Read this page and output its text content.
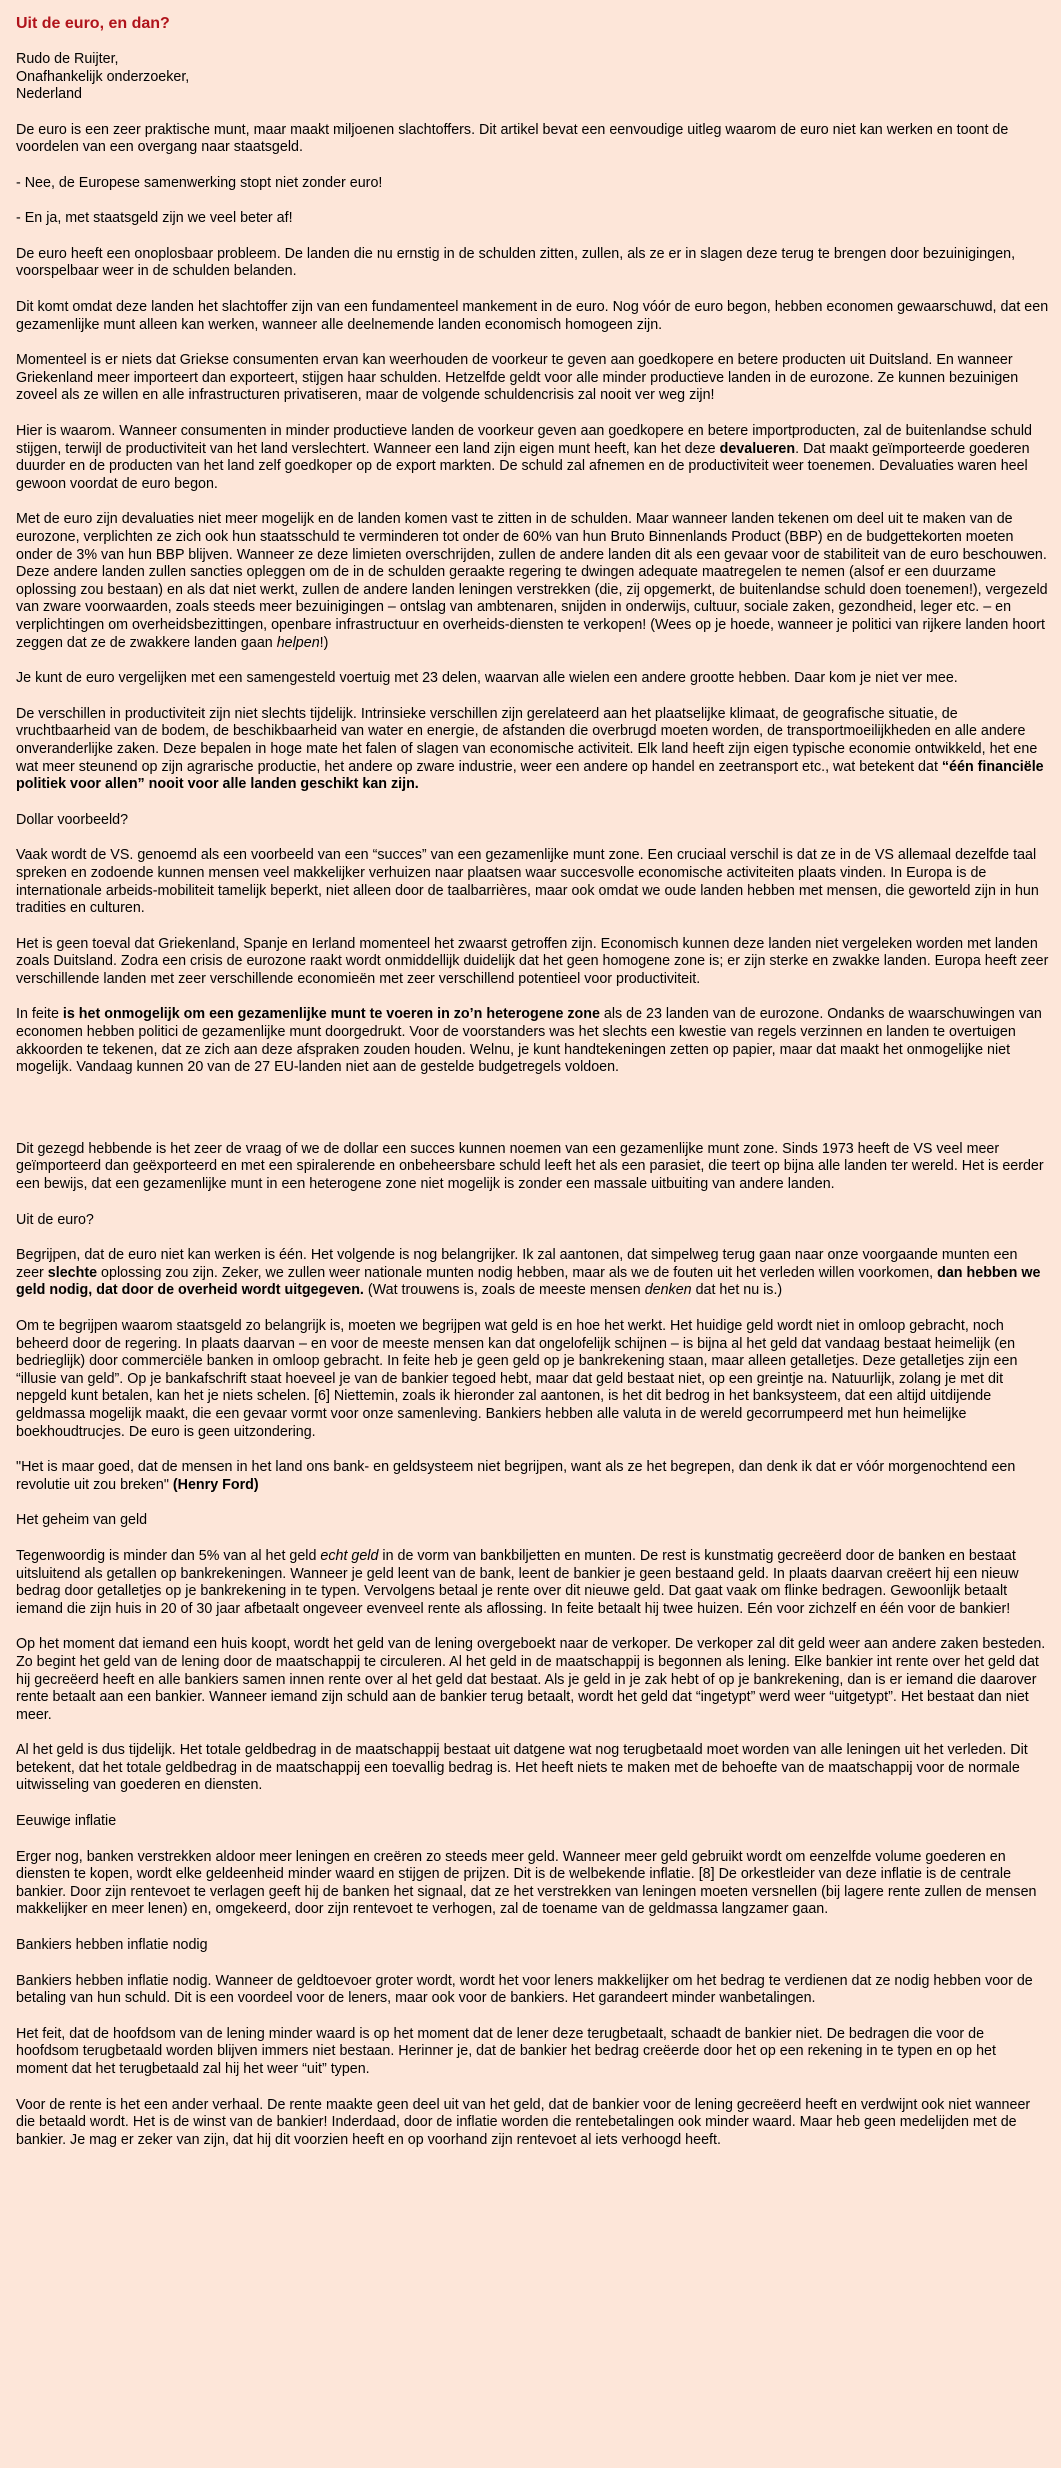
Uit de euro, en dan?
Rudo de Ruijter,
Onafhankelijk onderzoeker,
Nederland

De euro is een zeer praktische munt, maar maakt miljoenen slachtoffers. Dit artikel bevat een eenvoudige uitleg waarom de euro niet kan werken en toont de voordelen van een overgang naar staatsgeld.

- Nee, de Europese samenwerking stopt niet zonder euro!

- En ja, met staatsgeld zijn we veel beter af!

De euro heeft een onoplosbaar probleem. De landen die nu ernstig in de schulden zitten, zullen, als ze er in slagen deze terug te brengen door bezuinigingen, voorspelbaar weer in de schulden belanden.

Dit komt omdat deze landen het slachtoffer zijn van een fundamenteel mankement in de euro. Nog vóór de euro begon, hebben economen gewaarschuwd, dat een gezamenlijke munt alleen kan werken, wanneer alle deelnemende landen economisch homogeen zijn.

Momenteel is er niets dat Griekse consumenten ervan kan weerhouden de voorkeur te geven aan goedkopere en betere producten uit Duitsland. En wanneer Griekenland meer importeert dan exporteert, stijgen haar schulden. Hetzelfde geldt voor alle minder productieve landen in de eurozone. Ze kunnen bezuinigen zoveel als ze willen en alle infrastructuren privatiseren, maar de volgende schuldencrisis zal nooit ver weg zijn!

Hier is waarom. Wanneer consumenten in minder productieve landen de voorkeur geven aan goedkopere en betere importproducten, zal de buitenlandse schuld stijgen, terwijl de productiviteit van het land verslechtert. Wanneer een land zijn eigen munt heeft, kan het deze devalueren. Dat maakt geïmporteerde goederen duurder en de producten van het land zelf goedkoper op de export markten. De schuld zal afnemen en de productiviteit weer toenemen. Devaluaties waren heel gewoon voordat de euro begon.

Met de euro zijn devaluaties niet meer mogelijk en de landen komen vast te zitten in de schulden. Maar wanneer landen tekenen om deel uit te maken van de eurozone, verplichten ze zich ook hun staatsschuld te verminderen tot onder de 60% van hun Bruto Binnenlands Product (BBP) en de budgettekorten moeten onder de 3% van hun BBP blijven. Wanneer ze deze limieten overschrijden, zullen de andere landen dit als een gevaar voor de stabiliteit van de euro beschouwen. Deze andere landen zullen sancties opleggen om de in de schulden geraakte regering te dwingen adequate maatregelen te nemen (alsof er een duurzame oplossing zou bestaan) en als dat niet werkt, zullen de andere landen leningen verstrekken (die, zij opgemerkt, de buitenlandse schuld doen toenemen!), vergezeld van zware voorwaarden, zoals steeds meer bezuinigingen – ontslag van ambtenaren, snijden in onderwijs, cultuur, sociale zaken, gezondheid, leger etc. – en verplichtingen om overheidsbezittingen, openbare infrastructuur en overheids-diensten te verkopen! (Wees op je hoede, wanneer je politici van rijkere landen hoort zeggen dat ze de zwakkere landen gaan helpen!)

Je kunt de euro vergelijken met een samengesteld voertuig met 23 delen, waarvan alle wielen een andere grootte hebben. Daar kom je niet ver mee.

De verschillen in productiviteit zijn niet slechts tijdelijk. Intrinsieke verschillen zijn gerelateerd aan het plaatselijke klimaat, de geografische situatie, de vruchtbaarheid van de bodem, de beschikbaarheid van water en energie, de afstanden die overbrugd moeten worden, de transportmoeilijkheden en alle andere onveranderlijke zaken. Deze bepalen in hoge mate het falen of slagen van economische activiteit. Elk land heeft zijn eigen typische economie ontwikkeld, het ene wat meer steunend op zijn agrarische productie, het andere op zware industrie, weer een andere op handel en zeetransport etc., wat betekent dat “één financiële politiek voor allen” nooit voor alle landen geschikt kan zijn.

Dollar voorbeeld?

Vaak wordt de VS. genoemd als een voorbeeld van een “succes” van een gezamenlijke munt zone. Een cruciaal verschil is dat ze in de VS allemaal dezelfde taal spreken en zodoende kunnen mensen veel makkelijker verhuizen naar plaatsen waar succesvolle economische activiteiten plaats vinden. In Europa is de internationale arbeids-mobiliteit tamelijk beperkt, niet alleen door de taalbarrières, maar ook omdat we oude landen hebben met mensen, die geworteld zijn in hun tradities en culturen.

Het is geen toeval dat Griekenland, Spanje en Ierland momenteel het zwaarst getroffen zijn. Economisch kunnen deze landen niet vergeleken worden met landen zoals Duitsland. Zodra een crisis de eurozone raakt wordt onmiddellijk duidelijk dat het geen homogene zone is; er zijn sterke en zwakke landen. Europa heeft zeer verschillende landen met zeer verschillende economieën met zeer verschillend potentieel voor productiviteit.

In feite is het onmogelijk om een gezamenlijke munt te voeren in zo’n heterogene zone als de 23 landen van de eurozone. Ondanks de waarschuwingen van economen hebben politici de gezamenlijke munt doorgedrukt. Voor de voorstanders was het slechts een kwestie van regels verzinnen en landen te overtuigen akkoorden te tekenen, dat ze zich aan deze afspraken zouden houden. Welnu, je kunt handtekeningen zetten op papier, maar dat maakt het onmogelijke niet mogelijk. Vandaag kunnen 20 van de 27 EU-landen niet aan de gestelde budgetregels voldoen.

Dit gezegd hebbende is het zeer de vraag of we de dollar een succes kunnen noemen van een gezamenlijke munt zone. Sinds 1973 heeft de VS veel meer geïmporteerd dan geëxporteerd en met een spiralerende en onbeheersbare schuld leeft het als een parasiet, die teert op bijna alle landen ter wereld. Het is eerder een bewijs, dat een gezamenlijke munt in een heterogene zone niet mogelijk is zonder een massale uitbuiting van andere landen.

Uit de euro?

Begrijpen, dat de euro niet kan werken is één. Het volgende is nog belangrijker. Ik zal aantonen, dat simpelweg terug gaan naar onze voorgaande munten een zeer slechte oplossing zou zijn. Zeker, we zullen weer nationale munten nodig hebben, maar als we de fouten uit het verleden willen voorkomen, dan hebben we geld nodig, dat door de overheid wordt uitgegeven. (Wat trouwens is, zoals de meeste mensen denken dat het nu is.)

Om te begrijpen waarom staatsgeld zo belangrijk is, moeten we begrijpen wat geld is en hoe het werkt. Het huidige geld wordt niet in omloop gebracht, noch beheerd door de regering. In plaats daarvan – en voor de meeste mensen kan dat ongelofelijk schijnen – is bijna al het geld dat vandaag bestaat heimelijk (en bedrieglijk) door commerciële banken in omloop gebracht. In feite heb je geen geld op je bankrekening staan, maar alleen getalletjes. Deze getalletjes zijn een “illusie van geld”. Op je bankafschrift staat hoeveel je van de bankier tegoed hebt, maar dat geld bestaat niet, op een greintje na. Natuurlijk, zolang je met dit nepgeld kunt betalen, kan het je niets schelen. [6] Niettemin, zoals ik hieronder zal aantonen, is het dit bedrog in het banksysteem, dat een altijd uitdijende geldmassa mogelijk maakt, die een gevaar vormt voor onze samenleving. Bankiers hebben alle valuta in de wereld gecorrumpeerd met hun heimelijke boekhoudtrucjes. De euro is geen uitzondering.

"Het is maar goed, dat de mensen in het land ons bank- en geldsysteem niet begrijpen, want als ze het begrepen, dan denk ik dat er vóór morgenochtend een revolutie uit zou breken" (Henry Ford)

Het geheim van geld

Tegenwoordig is minder dan 5% van al het geld echt geld in de vorm van bankbiljetten en munten. De rest is kunstmatig gecreëerd door de banken en bestaat uitsluitend als getallen op bankrekeningen. Wanneer je geld leent van de bank, leent de bankier je geen bestaand geld. In plaats daarvan creëert hij een nieuw bedrag door getalletjes op je bankrekening in te typen. Vervolgens betaal je rente over dit nieuwe geld. Dat gaat vaak om flinke bedragen. Gewoonlijk betaalt iemand die zijn huis in 20 of 30 jaar afbetaalt ongeveer evenveel rente als aflossing. In feite betaalt hij twee huizen. Eén voor zichzelf en één voor de bankier!

Op het moment dat iemand een huis koopt, wordt het geld van de lening overgeboekt naar de verkoper. De verkoper zal dit geld weer aan andere zaken besteden. Zo begint het geld van de lening door de maatschappij te circuleren. Al het geld in de maatschappij is begonnen als lening. Elke bankier int rente over het geld dat hij gecreëerd heeft en alle bankiers samen innen rente over al het geld dat bestaat. Als je geld in je zak hebt of op je bankrekening, dan is er iemand die daarover rente betaalt aan een bankier. Wanneer iemand zijn schuld aan de bankier terug betaalt, wordt het geld dat “ingetypt” werd weer “uitgetypt”. Het bestaat dan niet meer.

Al het geld is dus tijdelijk. Het totale geldbedrag in de maatschappij bestaat uit datgene wat nog terugbetaald moet worden van alle leningen uit het verleden. Dit betekent, dat het totale geldbedrag in de maatschappij een toevallig bedrag is. Het heeft niets te maken met de behoefte van de maatschappij voor de normale uitwisseling van goederen en diensten.

Eeuwige inflatie

Erger nog, banken verstrekken aldoor meer leningen en creëren zo steeds meer geld. Wanneer meer geld gebruikt wordt om eenzelfde volume goederen en diensten te kopen, wordt elke geldeenheid minder waard en stijgen de prijzen. Dit is de welbekende inflatie. [8] De orkestleider van deze inflatie is de centrale bankier. Door zijn rentevoet te verlagen geeft hij de banken het signaal, dat ze het verstrekken van leningen moeten versnellen (bij lagere rente zullen de mensen makkelijker en meer lenen) en, omgekeerd, door zijn rentevoet te verhogen, zal de toename van de geldmassa langzamer gaan.

Bankiers hebben inflatie nodig

Bankiers hebben inflatie nodig. Wanneer de geldtoevoer groter wordt, wordt het voor leners makkelijker om het bedrag te verdienen dat ze nodig hebben voor de betaling van hun schuld. Dit is een voordeel voor de leners, maar ook voor de bankiers. Het garandeert minder wanbetalingen.

Het feit, dat de hoofdsom van de lening minder waard is op het moment dat de lener deze terugbetaalt, schaadt de bankier niet. De bedragen die voor de hoofdsom terugbetaald worden blijven immers niet bestaan. Herinner je, dat de bankier het bedrag creëerde door het op een rekening in te typen en op het moment dat het terugbetaald zal hij het weer “uit” typen.

Voor de rente is het een ander verhaal. De rente maakte geen deel uit van het geld, dat de bankier voor de lening gecreëerd heeft en verdwijnt ook niet wanneer die betaald wordt. Het is de winst van de bankier! Inderdaad, door de inflatie worden die rentebetalingen ook minder waard. Maar heb geen medelijden met de bankier. Je mag er zeker van zijn, dat hij dit voorzien heeft en op voorhand zijn rentevoet al iets verhoogd heeft.
